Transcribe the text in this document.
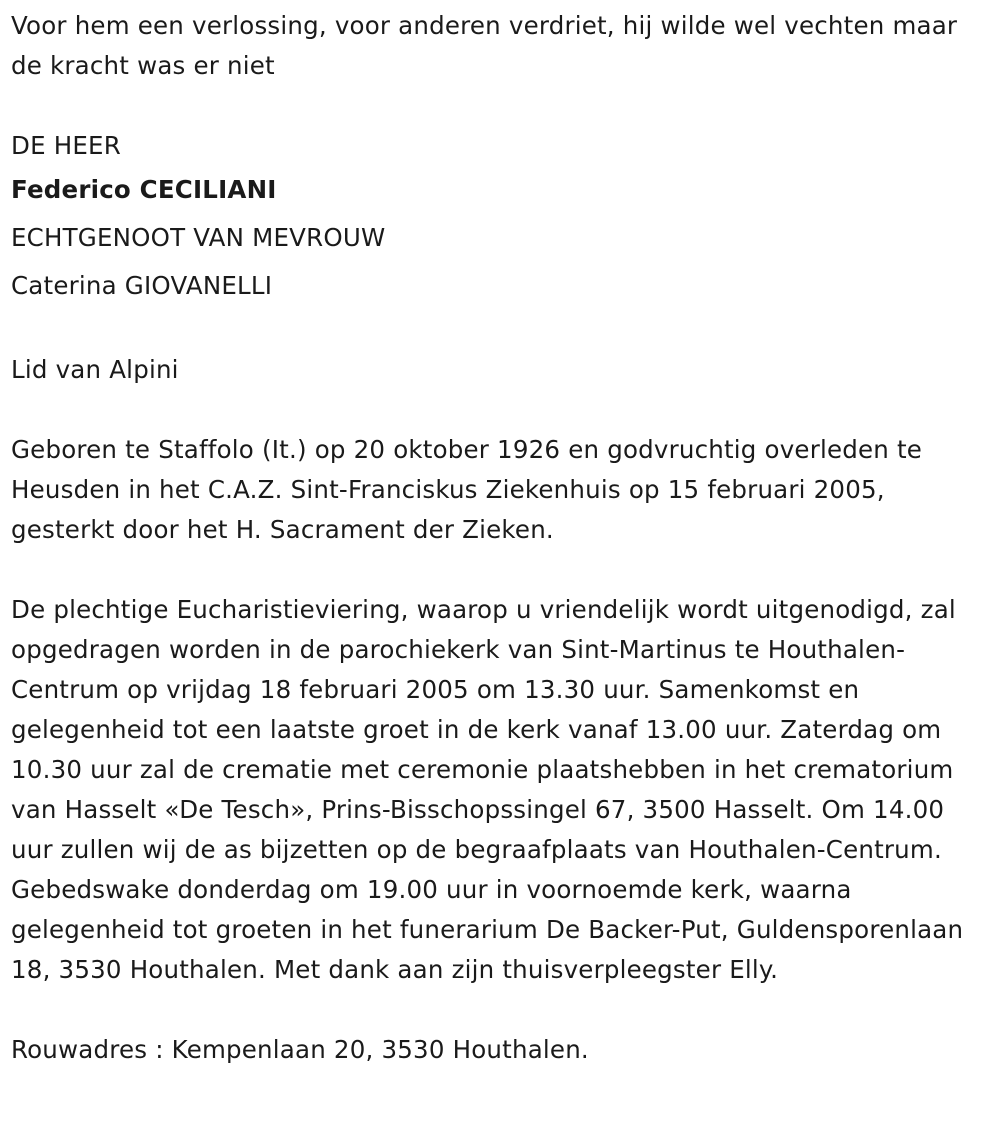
Voor hem een verlossing, voor anderen verdriet, hij wilde wel vechten maar de kracht was er niet

DE HEER

Federico CECILIANI

ECHTGENOOT VAN MEVROUW

Caterina GIOVANELLI

Lid van Alpini

Geboren te Staffolo (It.) op 20 oktober 1926 en godvruchtig overleden te Heusden in het C.A.Z. Sint-Franciskus Ziekenhuis op 15 februari 2005, gesterkt door het H. Sacrament der Zieken.

De plechtige Eucharistieviering, waarop u vriendelijk wordt uitgenodigd, zal opgedragen worden in de parochiekerk van Sint-Martinus te Houthalen-Centrum op vrijdag 18 februari 2005 om 13.30 uur. Samenkomst en gelegenheid tot een laatste groet in de kerk vanaf 13.00 uur. Zaterdag om 10.30 uur zal de crematie met ceremonie plaatshebben in het crematorium van Hasselt «De Tesch», Prins-Bisschopssingel 67, 3500 Hasselt. Om 14.00 uur zullen wij de as bijzetten op de begraafplaats van Houthalen-Centrum. Gebedswake donderdag om 19.00 uur in voornoemde kerk, waarna gelegenheid tot groeten in het funerarium De Backer-Put, Guldensporenlaan 18, 3530 Houthalen. Met dank aan zijn thuisverpleegster Elly.

Rouwadres : Kempenlaan 20, 3530 Houthalen.
